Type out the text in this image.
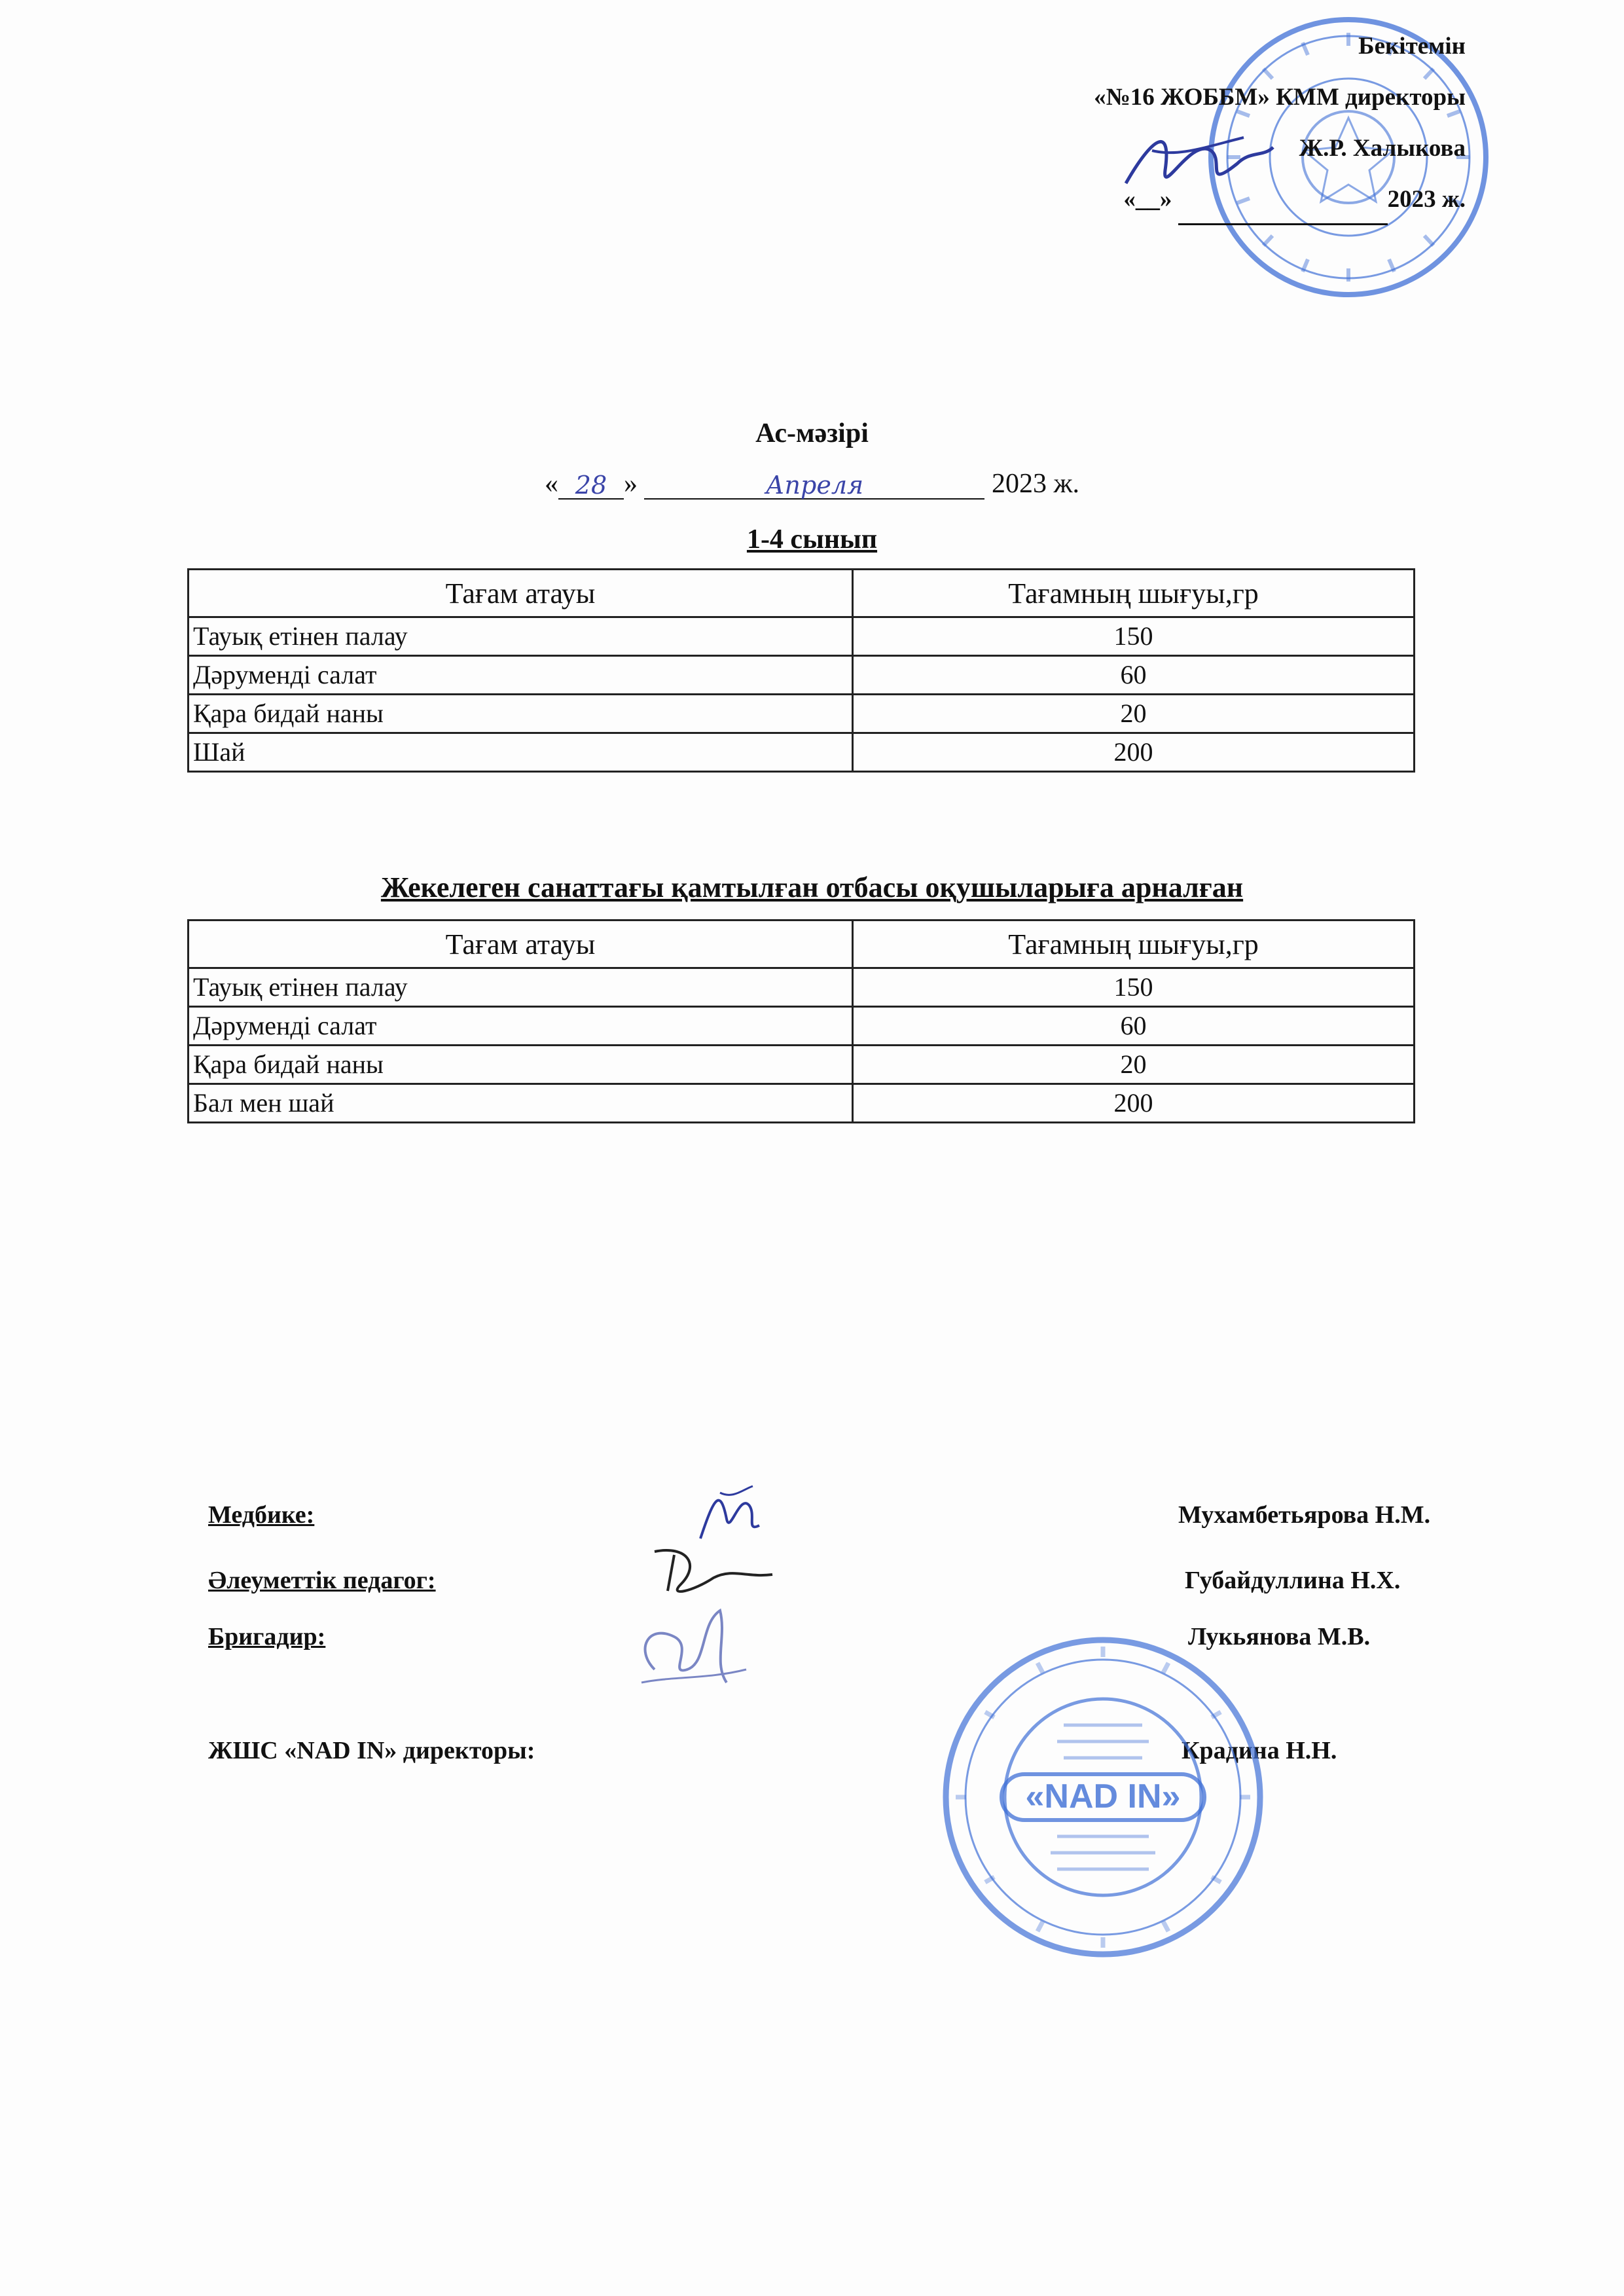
Бекітемін
«№16 ЖОББМ» КММ директоры
Ж.Р. Халыкова
«__»	2023 ж.
Ас-мәзірі
« 28 »	Апреля	2023 ж.
1-4 сынып
Тағам атауы	Тағамның шығуы,гр
Тауық етінен палау	150
Дәрумендi салат	60
Қара бидай наны	20
Шай	200
Жекелеген санаттағы қамтылған отбасы оқушыларыға арналған
Тағам атауы	Тағамның шығуы,гр
Тауық етінен палау	150
Дәрумендi салат	60
Қара бидай наны	20
Бал мен шай	200
Медбике:	Мухамбетьярова Н.М.
Әлеуметтік педагог:	Губайдуллина Н.Х.
Бригадир:	Лукьянова М.В.
ЖШС «NAD IN» директоры:	Крадина Н.Н.
«NAD IN»
